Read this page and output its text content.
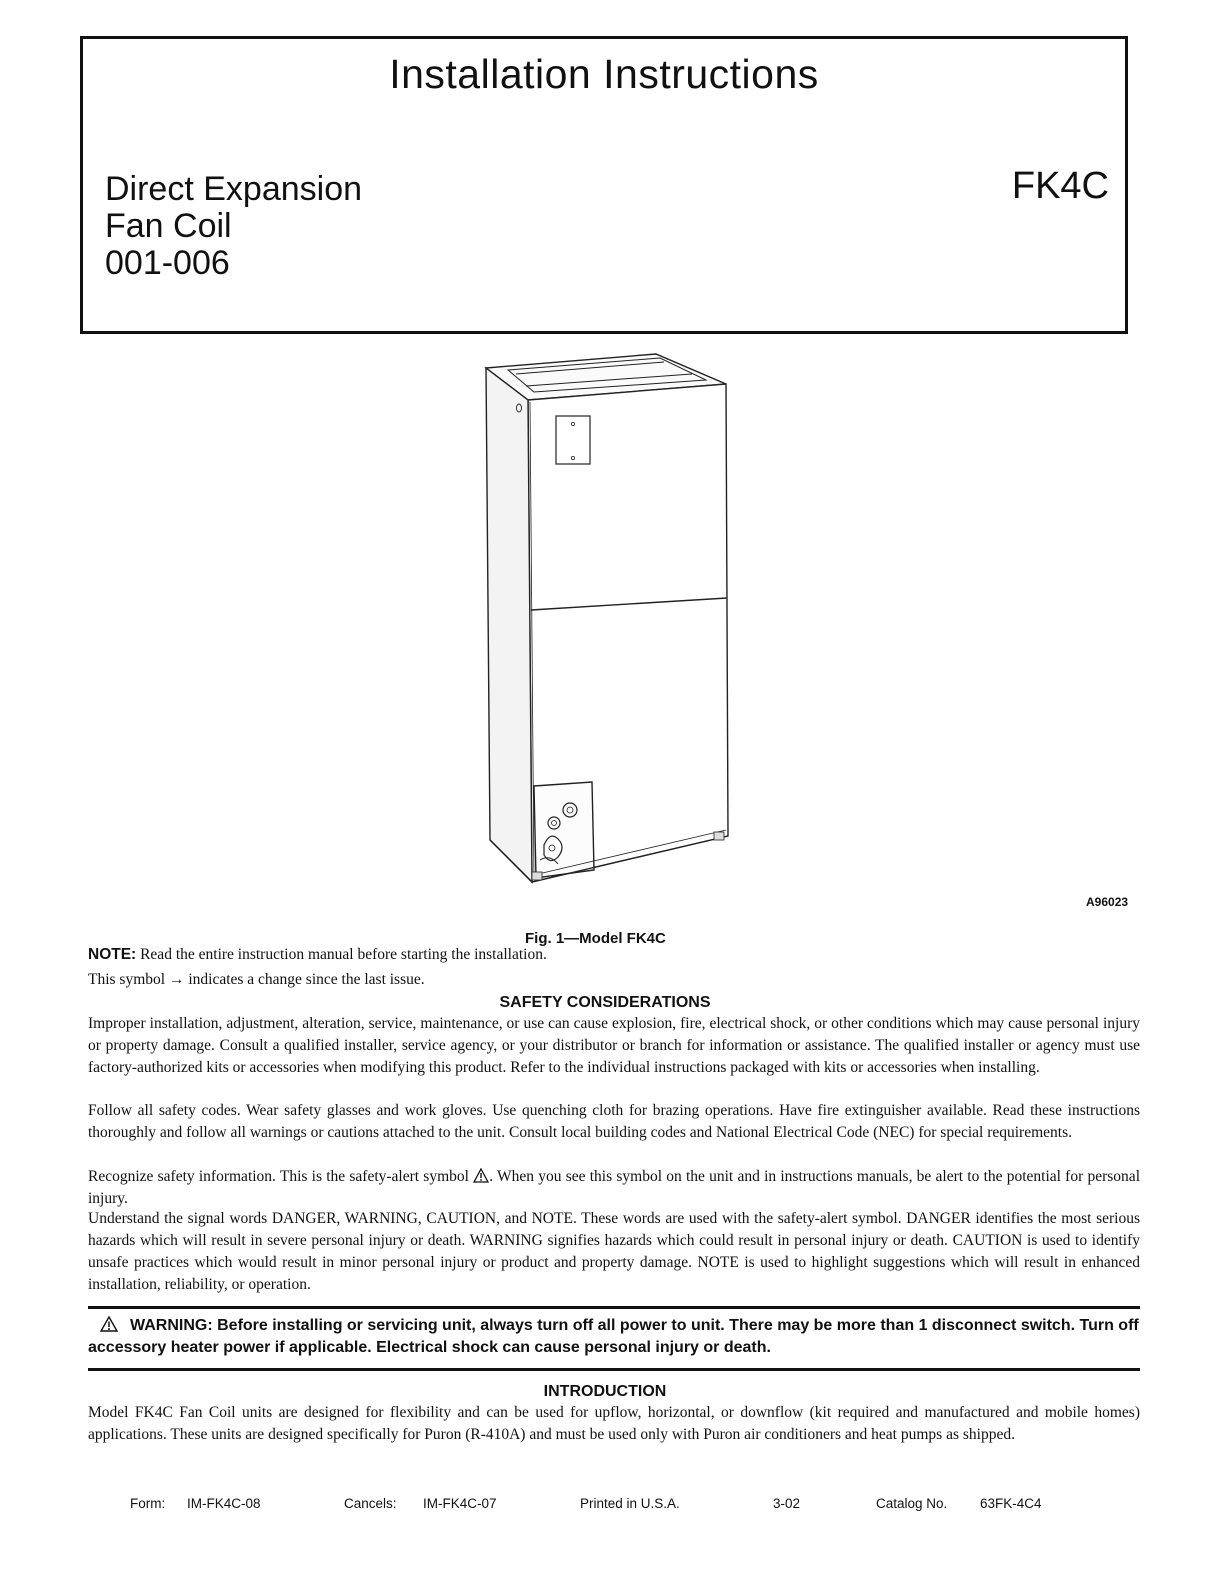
Installation Instructions
Direct Expansion
Fan Coil
001-006
FK4C
A96023
Fig. 1—Model FK4C
NOTE: Read the entire instruction manual before starting the installation.
This symbol → indicates a change since the last issue.
SAFETY CONSIDERATIONS
Improper installation, adjustment, alteration, service, maintenance, or use can cause explosion, fire, electrical shock, or other conditions which may cause personal injury or property damage. Consult a qualified installer, service agency, or your distributor or branch for information or assistance. The qualified installer or agency must use factory-authorized kits or accessories when modifying this product. Refer to the individual instructions packaged with kits or accessories when installing.
Follow all safety codes. Wear safety glasses and work gloves. Use quenching cloth for brazing operations. Have fire extinguisher available. Read these instructions thoroughly and follow all warnings or cautions attached to the unit. Consult local building codes and National Electrical Code (NEC) for special requirements.
Recognize safety information. This is the safety-alert symbol . When you see this symbol on the unit and in instructions manuals, be alert to the potential for personal injury.
Understand the signal words DANGER, WARNING, CAUTION, and NOTE. These words are used with the safety-alert symbol. DANGER identifies the most serious hazards which will result in severe personal injury or death. WARNING signifies hazards which could result in personal injury or death. CAUTION is used to identify unsafe practices which would result in minor personal injury or product and property damage. NOTE is used to highlight suggestions which will result in enhanced installation, reliability, or operation.
WARNING: Before installing or servicing unit, always turn off all power to unit. There may be more than 1 disconnect switch. Turn off accessory heater power if applicable. Electrical shock can cause personal injury or death.
INTRODUCTION
Model FK4C Fan Coil units are designed for flexibility and can be used for upflow, horizontal, or downflow (kit required and manufactured and mobile homes) applications. These units are designed specifically for Puron (R-410A) and must be used only with Puron air conditioners and heat pumps as shipped.
Form: IM-FK4C-08	Cancels: IM-FK4C-07	Printed in U.S.A.	3-02	Catalog No. 63FK-4C4
